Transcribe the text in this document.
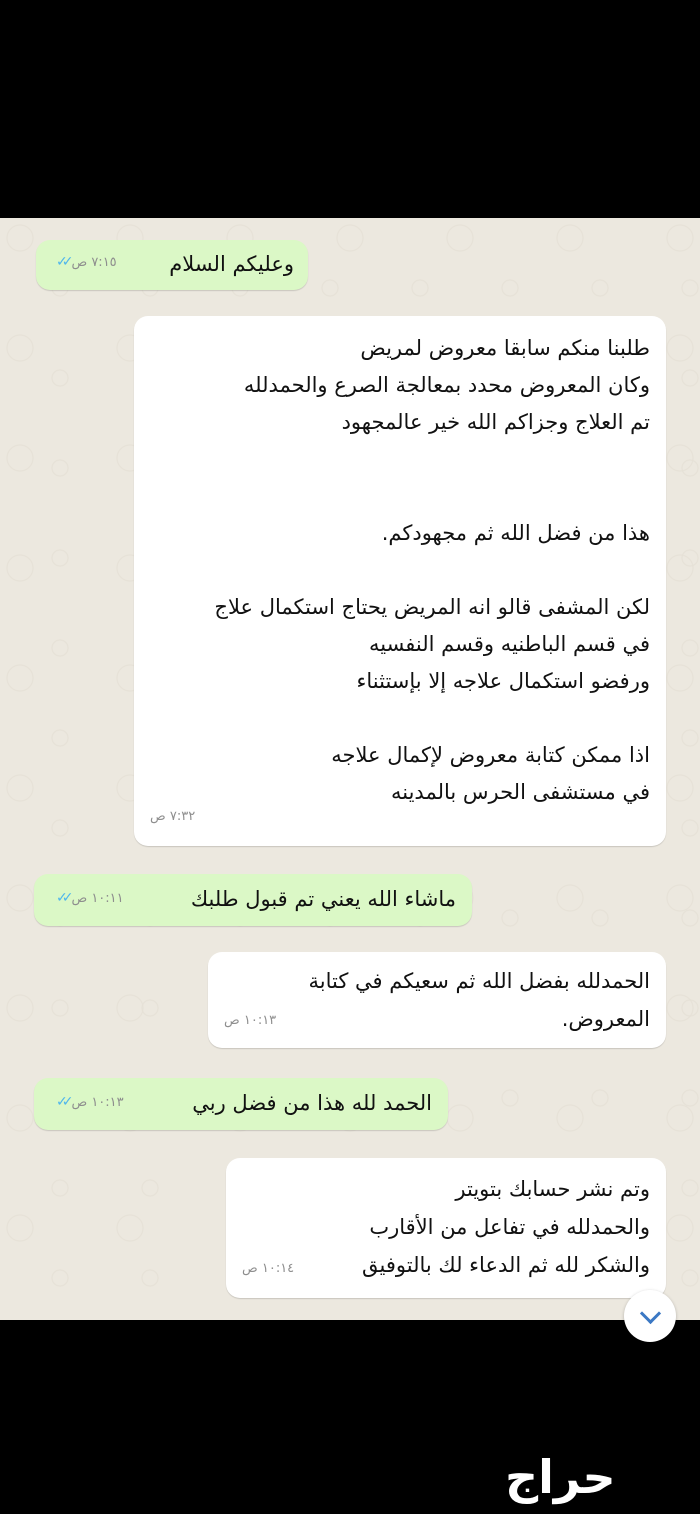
وعليكم السلام
٧:١٥ ص
✓✓
طلبنا منكم سابقا معروض لمريض
وكان المعروض محدد بمعالجة الصرع والحمدلله
تم العلاج وجزاكم الله خير عالمجهود

هذا من فضل الله ثم مجهودكم.

لكن المشفى قالو انه المريض يحتاج استكمال علاج
في قسم الباطنيه وقسم النفسيه
ورفضو استكمال علاجه إلا بإستثناء

اذا ممكن كتابة معروض لإكمال علاجه
في مستشفى الحرس بالمدينه
٧:٣٢ ص
ماشاء الله يعني تم قبول طلبك
١٠:١١ ص
✓✓
الحمدلله بفضل الله ثم سعيكم في كتابة
المعروض.
١٠:١٣ ص
الحمد لله هذا من فضل ربي
١٠:١٣ ص
✓✓
وتم نشر حسابك بتويتر
والحمدلله في تفاعل من الأقارب
والشكر لله ثم الدعاء لك بالتوفيق
١٠:١٤ ص
حراج
